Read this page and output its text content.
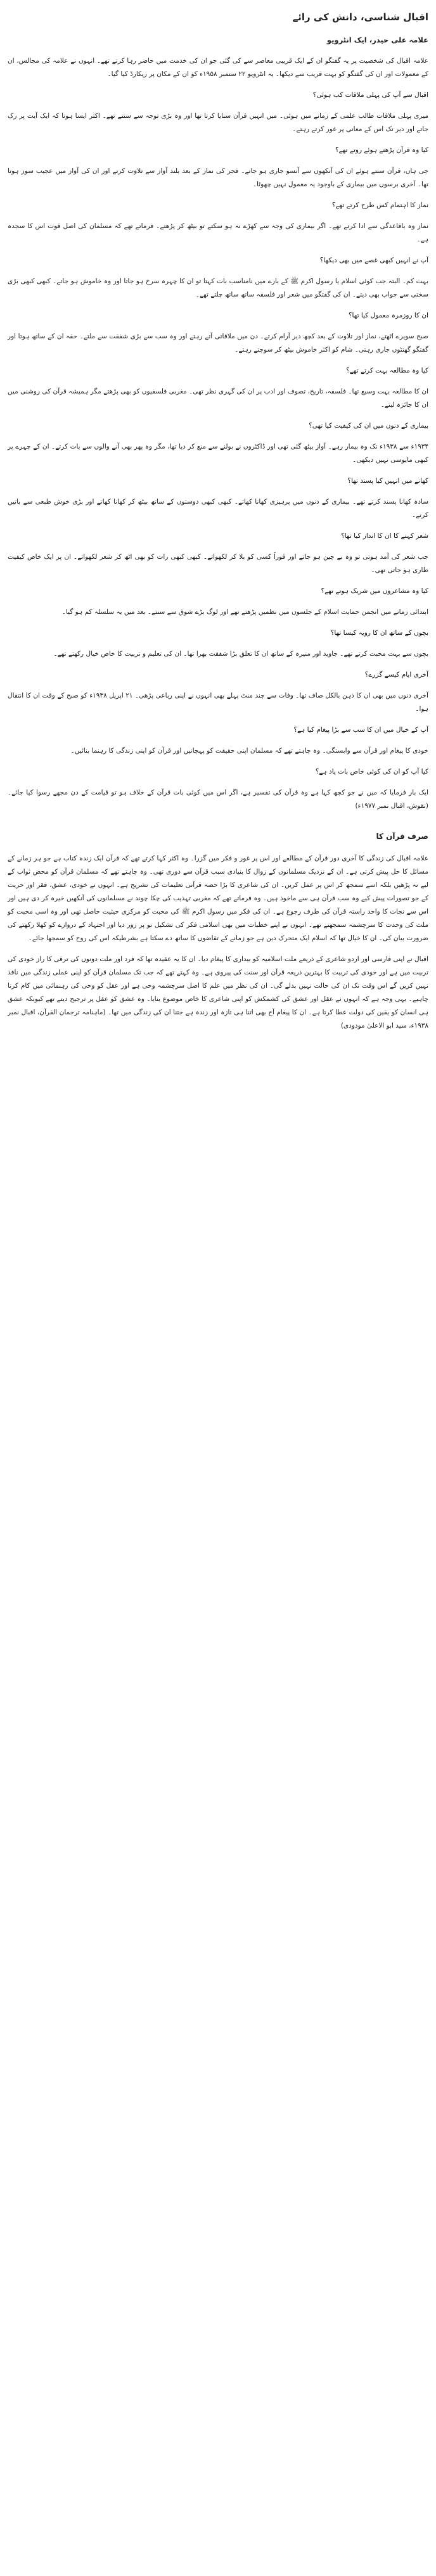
اقبال شناسی، دانش کی رائے
علامہ علی حیدر، ایک انٹرویو
علامہ اقبال کی شخصیت پر یہ گفتگو ان کے ایک قریبی معاصر سے کی گئی جو ان کی خدمت میں حاضر رہا کرتے تھے۔ انہوں نے علامہ کی مجالس، ان کے معمولات اور ان کی گفتگو کو بہت قریب سے دیکھا۔ یہ انٹرویو ۲۲ ستمبر ۱۹۵۸ء کو ان کے مکان پر ریکارڈ کیا گیا۔
اقبال سے آپ کی پہلی ملاقات کب ہوئی؟
میری پہلی ملاقات طالب علمی کے زمانے میں ہوئی۔ میں انہیں قرآن سنایا کرتا تھا اور وہ بڑی توجہ سے سنتے تھے۔ اکثر ایسا ہوتا کہ ایک آیت پر رک جاتے اور دیر تک اس کے معانی پر غور کرتے رہتے۔
کیا وہ قرآن پڑھتے ہوئے روتے تھے؟
جی ہاں، قرآن سنتے ہوئے ان کی آنکھوں سے آنسو جاری ہو جاتے۔ فجر کی نماز کے بعد بلند آواز سے تلاوت کرتے اور ان کی آواز میں عجیب سوز ہوتا تھا۔ آخری برسوں میں بیماری کے باوجود یہ معمول نہیں چھوٹا۔
نماز کا اہتمام کس طرح کرتے تھے؟
نماز وہ باقاعدگی سے ادا کرتے تھے۔ اگر بیماری کی وجہ سے کھڑے نہ ہو سکتے تو بیٹھ کر پڑھتے۔ فرماتے تھے کہ مسلمان کی اصل قوت اس کا سجدہ ہے۔
آپ نے انہیں کبھی غصے میں بھی دیکھا؟
بہت کم۔ البتہ جب کوئی اسلام یا رسول اکرم ﷺ کے بارے میں نامناسب بات کہتا تو ان کا چہرہ سرخ ہو جاتا اور وہ خاموش ہو جاتے۔ کبھی کبھی بڑی سختی سے جواب بھی دیتے۔ ان کی گفتگو میں شعر اور فلسفہ ساتھ ساتھ چلتے تھے۔
ان کا روزمرہ معمول کیا تھا؟
صبح سویرے اٹھتے، نماز اور تلاوت کے بعد کچھ دیر آرام کرتے۔ دن میں ملاقاتی آتے رہتے اور وہ سب سے بڑی شفقت سے ملتے۔ حقہ ان کے ساتھ ہوتا اور گفتگو گھنٹوں جاری رہتی۔ شام کو اکثر خاموش بیٹھ کر سوچتے رہتے۔
کیا وہ مطالعہ بہت کرتے تھے؟
ان کا مطالعہ بہت وسیع تھا۔ فلسفہ، تاریخ، تصوف اور ادب پر ان کی گہری نظر تھی۔ مغربی فلسفیوں کو بھی پڑھتے مگر ہمیشہ قرآن کی روشنی میں ان کا جائزہ لیتے۔
بیماری کے دنوں میں ان کی کیفیت کیا تھی؟
۱۹۳۴ء سے ۱۹۳۸ء تک وہ بیمار رہے۔ آواز بیٹھ گئی تھی اور ڈاکٹروں نے بولنے سے منع کر دیا تھا، مگر وہ پھر بھی آنے والوں سے بات کرتے۔ ان کے چہرے پر کبھی مایوسی نہیں دیکھی۔
کھانے میں انہیں کیا پسند تھا؟
سادہ کھانا پسند کرتے تھے۔ بیماری کے دنوں میں پرہیزی کھانا کھاتے۔ کبھی کبھی دوستوں کے ساتھ بیٹھ کر کھانا کھاتے اور بڑی خوش طبعی سے باتیں کرتے۔
شعر کہنے کا ان کا انداز کیا تھا؟
جب شعر کی آمد ہوتی تو وہ بے چین ہو جاتے اور فوراً کسی کو بلا کر لکھواتے۔ کبھی کبھی رات کو بھی اٹھ کر شعر لکھواتے۔ ان پر ایک خاص کیفیت طاری ہو جاتی تھی۔
کیا وہ مشاعروں میں شریک ہوتے تھے؟
ابتدائی زمانے میں انجمن حمایت اسلام کے جلسوں میں نظمیں پڑھتے تھے اور لوگ بڑے شوق سے سنتے۔ بعد میں یہ سلسلہ کم ہو گیا۔
بچوں کے ساتھ ان کا رویہ کیسا تھا؟
بچوں سے بہت محبت کرتے تھے۔ جاوید اور منیرہ کے ساتھ ان کا تعلق بڑا شفقت بھرا تھا۔ ان کی تعلیم و تربیت کا خاص خیال رکھتے تھے۔
آخری ایام کیسے گزرے؟
آخری دنوں میں بھی ان کا ذہن بالکل صاف تھا۔ وفات سے چند منٹ پہلے بھی انہوں نے اپنی رباعی پڑھی۔ ۲۱ اپریل ۱۹۳۸ء کو صبح کے وقت ان کا انتقال ہوا۔
آپ کے خیال میں ان کا سب سے بڑا پیغام کیا ہے؟
خودی کا پیغام اور قرآن سے وابستگی۔ وہ چاہتے تھے کہ مسلمان اپنی حقیقت کو پہچانیں اور قرآن کو اپنی زندگی کا رہنما بنائیں۔
کیا آپ کو ان کی کوئی خاص بات یاد ہے؟
ایک بار فرمایا کہ میں نے جو کچھ کہا ہے وہ قرآن کی تفسیر ہے، اگر اس میں کوئی بات قرآن کے خلاف ہو تو قیامت کے دن مجھے رسوا کیا جائے۔ (نقوش، اقبال نمبر ۱۹۷۷ء)
صرف قرآن کا
علامہ اقبال کی زندگی کا آخری دور قرآن کے مطالعے اور اس پر غور و فکر میں گزرا۔ وہ اکثر کہا کرتے تھے کہ قرآن ایک زندہ کتاب ہے جو ہر زمانے کے مسائل کا حل پیش کرتی ہے۔ ان کے نزدیک مسلمانوں کے زوال کا بنیادی سبب قرآن سے دوری تھی۔ وہ چاہتے تھے کہ مسلمان قرآن کو محض ثواب کے لیے نہ پڑھیں بلکہ اسے سمجھ کر اس پر عمل کریں۔ ان کی شاعری کا بڑا حصہ قرآنی تعلیمات کی تشریح ہے۔ انہوں نے خودی، عشق، فقر اور حریت کے جو تصورات پیش کیے وہ سب قرآن ہی سے ماخوذ ہیں۔ وہ فرماتے تھے کہ مغربی تہذیب کی چکا چوند نے مسلمانوں کی آنکھیں خیرہ کر دی ہیں اور اس سے نجات کا واحد راستہ قرآن کی طرف رجوع ہے۔ ان کی فکر میں رسول اکرم ﷺ کی محبت کو مرکزی حیثیت حاصل تھی اور وہ اسی محبت کو ملت کی وحدت کا سرچشمہ سمجھتے تھے۔ انہوں نے اپنے خطبات میں بھی اسلامی فکر کی تشکیل نو پر زور دیا اور اجتہاد کے دروازے کو کھلا رکھنے کی ضرورت بیان کی۔ ان کا خیال تھا کہ اسلام ایک متحرک دین ہے جو زمانے کے تقاضوں کا ساتھ دے سکتا ہے بشرطیکہ اس کی روح کو سمجھا جائے۔
اقبال نے اپنی فارسی اور اردو شاعری کے ذریعے ملت اسلامیہ کو بیداری کا پیغام دیا۔ ان کا یہ عقیدہ تھا کہ فرد اور ملت دونوں کی ترقی کا راز خودی کی تربیت میں ہے اور خودی کی تربیت کا بہترین ذریعہ قرآن اور سنت کی پیروی ہے۔ وہ کہتے تھے کہ جب تک مسلمان قرآن کو اپنی عملی زندگی میں نافذ نہیں کریں گے اس وقت تک ان کی حالت نہیں بدلے گی۔ ان کی نظر میں علم کا اصل سرچشمہ وحی ہے اور عقل کو وحی کی رہنمائی میں کام کرنا چاہیے۔ یہی وجہ ہے کہ انہوں نے عقل اور عشق کی کشمکش کو اپنی شاعری کا خاص موضوع بنایا۔ وہ عشق کو عقل پر ترجیح دیتے تھے کیونکہ عشق ہی انسان کو یقین کی دولت عطا کرتا ہے۔ ان کا پیغام آج بھی اتنا ہی تازہ اور زندہ ہے جتنا ان کی زندگی میں تھا۔ (ماہنامہ ترجمان القرآن، اقبال نمبر ۱۹۳۸ء، سید ابو الاعلیٰ مودودی)
